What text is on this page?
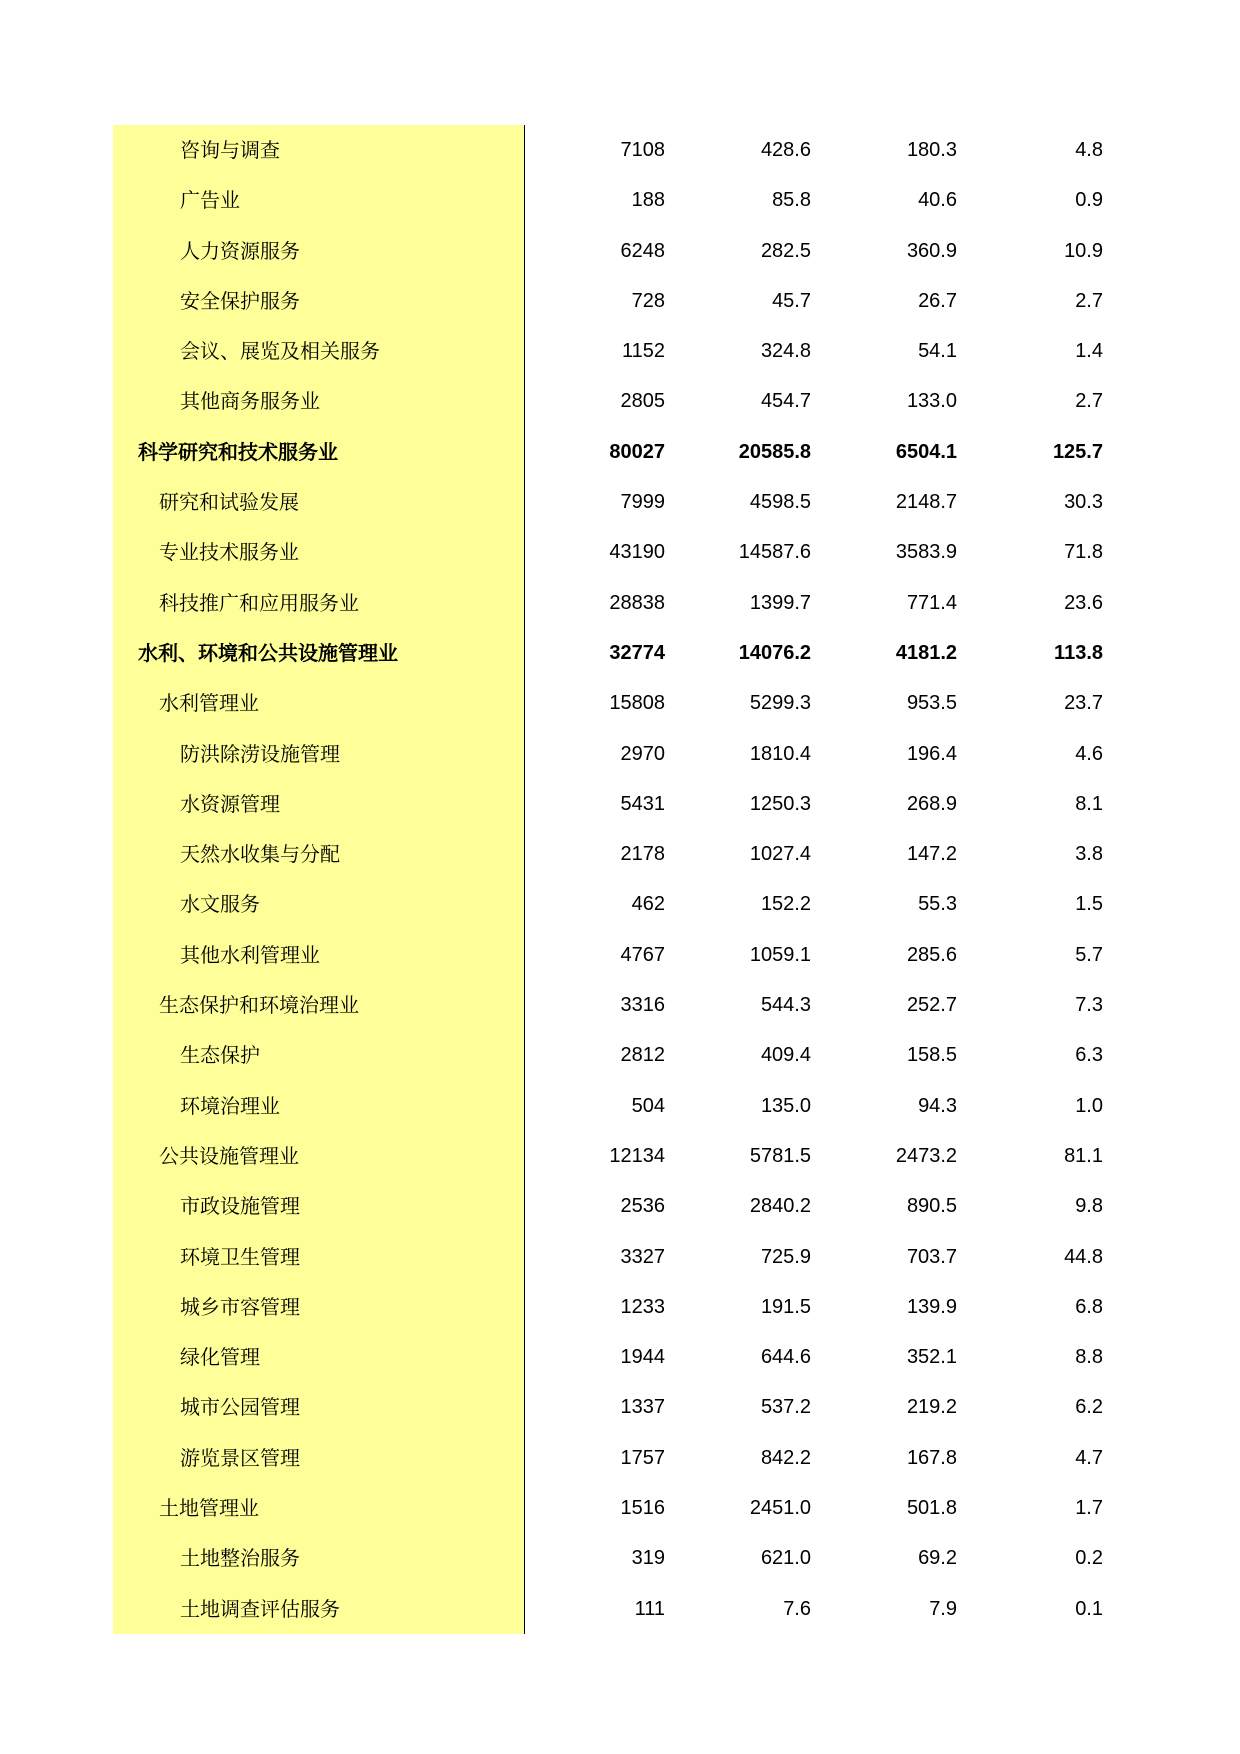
咨询与调查	7108	428.6	180.3	4.8
广告业	188	85.8	40.6	0.9
人力资源服务	6248	282.5	360.9	10.9
安全保护服务	728	45.7	26.7	2.7
会议、展览及相关服务	1152	324.8	54.1	1.4
其他商务服务业	2805	454.7	133.0	2.7
科学研究和技术服务业	80027	20585.8	6504.1	125.7
研究和试验发展	7999	4598.5	2148.7	30.3
专业技术服务业	43190	14587.6	3583.9	71.8
科技推广和应用服务业	28838	1399.7	771.4	23.6
水利、环境和公共设施管理业	32774	14076.2	4181.2	113.8
水利管理业	15808	5299.3	953.5	23.7
防洪除涝设施管理	2970	1810.4	196.4	4.6
水资源管理	5431	1250.3	268.9	8.1
天然水收集与分配	2178	1027.4	147.2	3.8
水文服务	462	152.2	55.3	1.5
其他水利管理业	4767	1059.1	285.6	5.7
生态保护和环境治理业	3316	544.3	252.7	7.3
生态保护	2812	409.4	158.5	6.3
环境治理业	504	135.0	94.3	1.0
公共设施管理业	12134	5781.5	2473.2	81.1
市政设施管理	2536	2840.2	890.5	9.8
环境卫生管理	3327	725.9	703.7	44.8
城乡市容管理	1233	191.5	139.9	6.8
绿化管理	1944	644.6	352.1	8.8
城市公园管理	1337	537.2	219.2	6.2
游览景区管理	1757	842.2	167.8	4.7
土地管理业	1516	2451.0	501.8	1.7
土地整治服务	319	621.0	69.2	0.2
土地调查评估服务	111	7.6	7.9	0.1
